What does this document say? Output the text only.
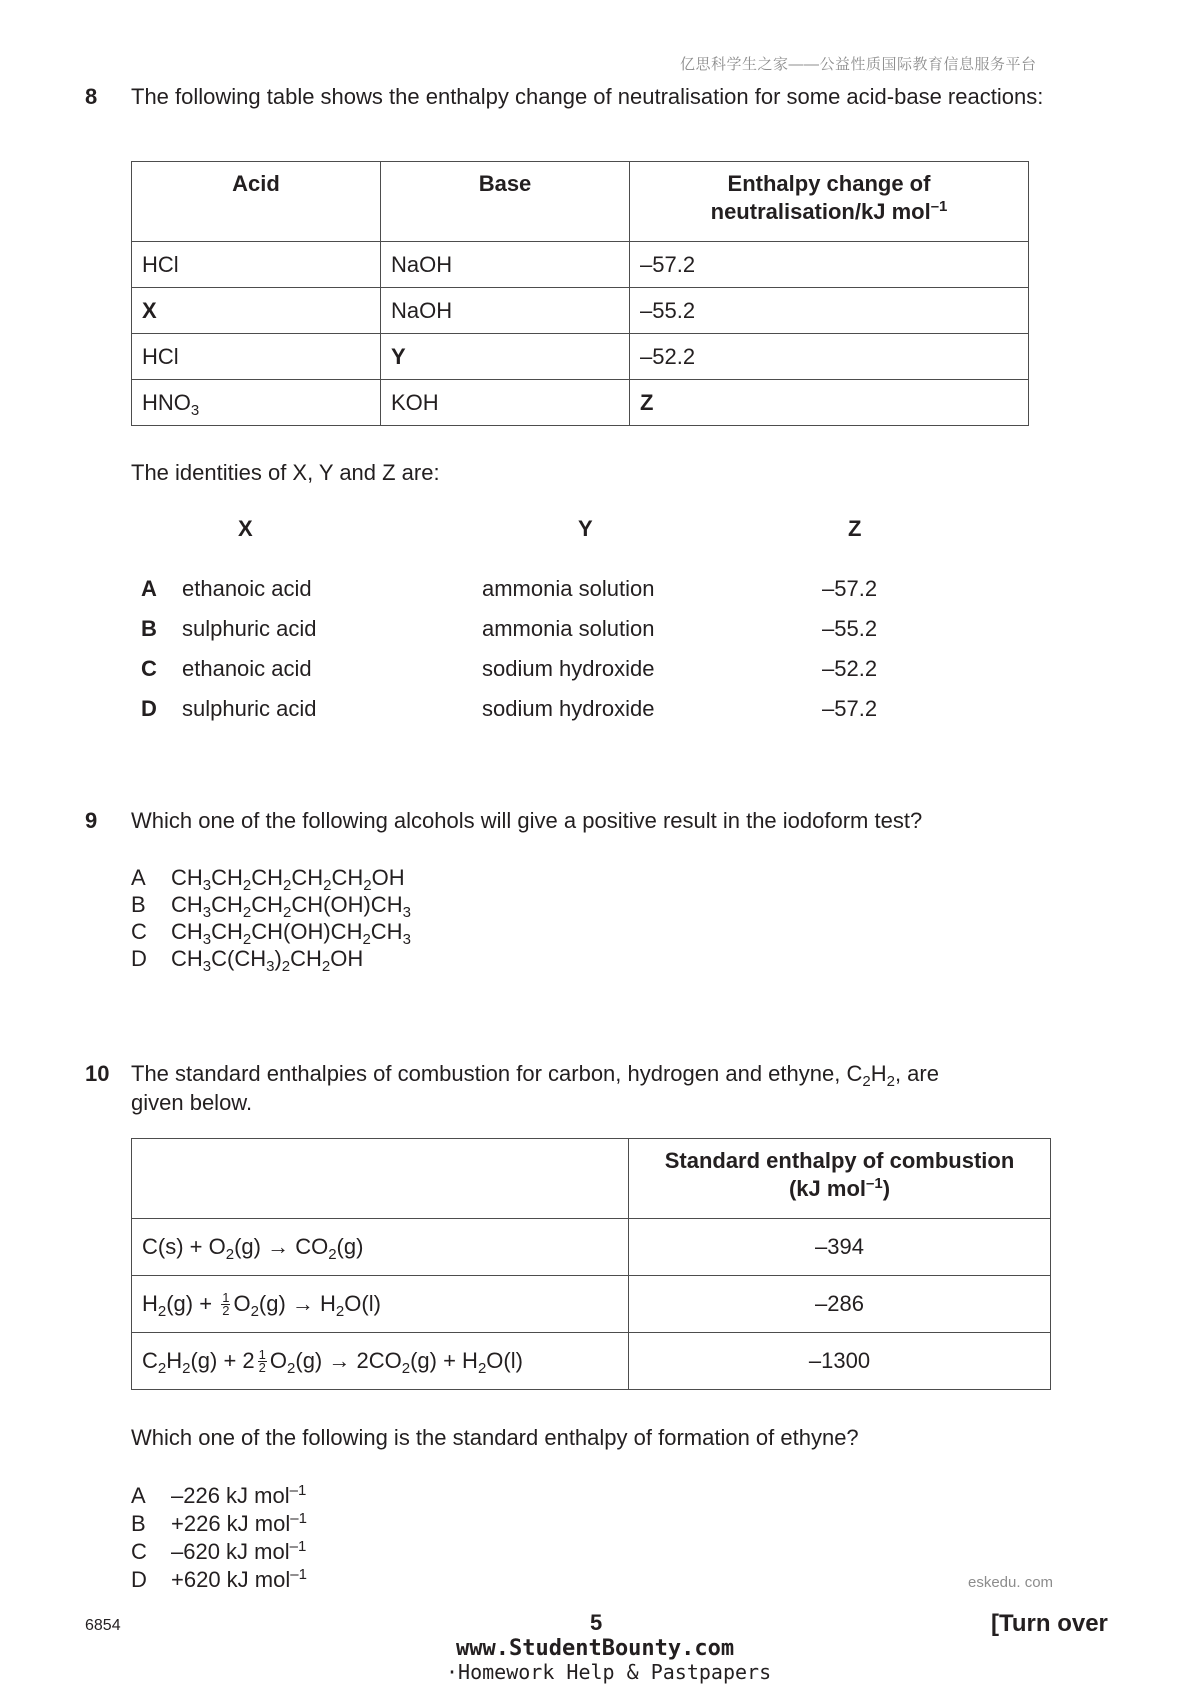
亿思科学生之家——公益性质国际教育信息服务平台
8 The following table shows the enthalpy change of neutralisation for some acid-base reactions:
Acid	Base	Enthalpy change of
neutralisation/kJ mol$^{-1}$
HCl	NaOH	–57.2
X	NaOH	–55.2
HCl	Y	–52.2
$HNO_3$	KOH	Z
The identities of X, Y and Z are:
X	Y	Z
A ethanoic acid	ammonia solution	–57.2
B sulphuric acid	ammonia solution	–55.2
C ethanoic acid	sodium hydroxide	–52.2
D sulphuric acid	sodium hydroxide	–57.2
9 Which one of the following alcohols will give a positive result in the iodoform test?
A $CH_3CH_2CH_2CH_2CH_2OH$
B $CH_3CH_2CH_2CH(OH)CH_3$
C $CH_3CH_2CH(OH)CH_2CH_3$
D $CH_3C(CH_3)_2CH_2OH$
10 The standard enthalpies of combustion for carbon, hydrogen and ethyne, $C_2H_2$, are
given below.
	Standard enthalpy of combustion
(kJ mol$^{-1}$)
$C(s) + O_2(g) \to CO_2(g)$	–394
$H_2(g) + \frac{1}{2} O_2(g) \to H_2O(l)$	–286
$C_2H_2(g) + 2 \frac{1}{2} O_2(g) \to 2CO_2(g) + H_2O(l)$	–1300
Which one of the following is the standard enthalpy of formation of ethyne?
A –226 kJ mol$^{-1}$
B +226 kJ mol$^{-1}$
C –620 kJ mol$^{-1}$
D +620 kJ mol$^{-1}$	eskedu. com
6854	5	[Turn over
www.StudentBounty.com
·Homework Help & Pastpapers
